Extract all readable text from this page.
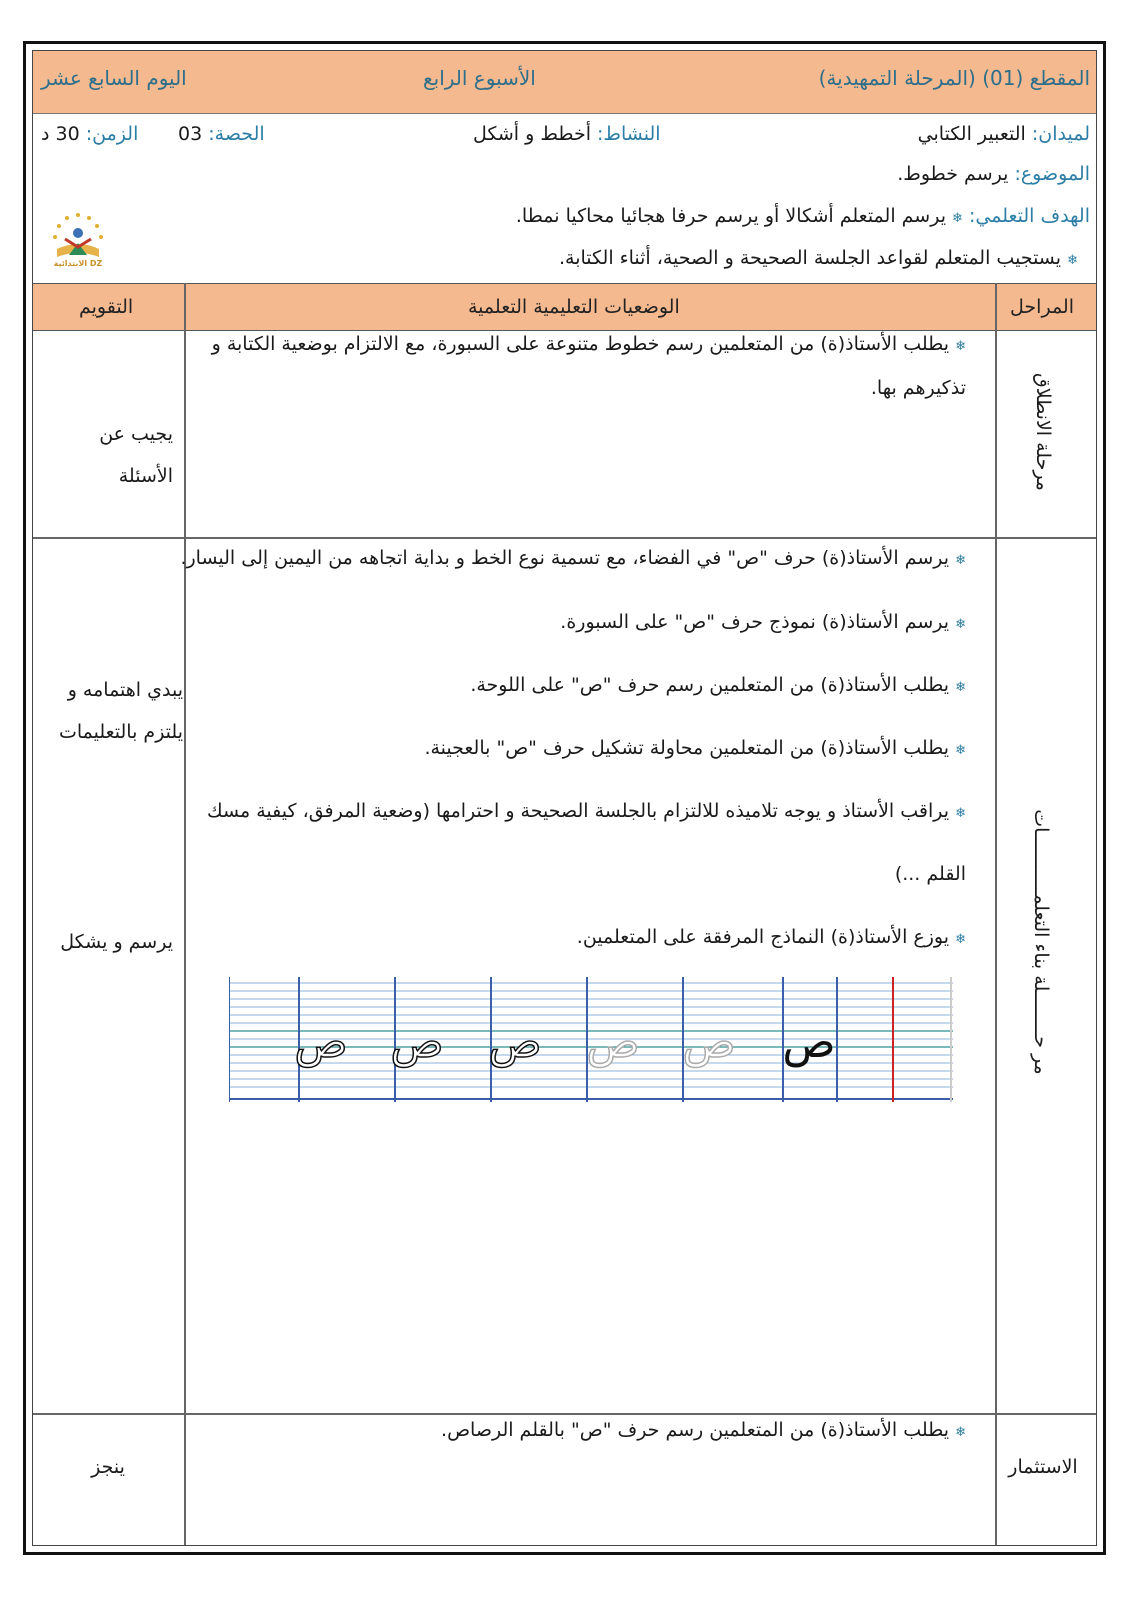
المقطع (01) (المرحلة التمهيدية)
الأسبوع الرابع
اليوم السابع عشر
لميدان: التعبير الكتابي
النشاط: أخطط و أشكل
الحصة: 03
الزمن: 30 د
الموضوع: يرسم خطوط.
الهدف التعلمي: ❄ يرسم المتعلم أشكالا أو يرسم حرفا هجائيا محاكيا نمطا.
❄ يستجيب المتعلم لقواعد الجلسة الصحيحة و الصحية، أثناء الكتابة.
الابتدائية DZ
المراحل
الوضعيات التعليمية التعلمية
التقويم
مرحلة الانطلاق
❄ يطلب الأستاذ(ة) من المتعلمين رسم خطوط متنوعة على السبورة، مع الالتزام بوضعية الكتابة و
تذكيرهم بها.
يجيب عن الأسئلة
مر حــــــــلة بناء التعلمـــــــــــات
❄ يرسم الأستاذ(ة) حرف "ص" في الفضاء، مع تسمية نوع الخط و بداية اتجاهه من اليمين إلى اليسار.
❄ يرسم الأستاذ(ة) نموذج حرف "ص" على السبورة.
❄ يطلب الأستاذ(ة) من المتعلمين رسم حرف "ص" على اللوحة.
❄ يطلب الأستاذ(ة) من المتعلمين محاولة تشكيل حرف "ص" بالعجينة.
❄ يراقب الأستاذ و يوجه تلاميذه للالتزام بالجلسة الصحيحة و احترامها (وضعية المرفق، كيفية مسك
القلم ...)
❄ يوزع الأستاذ(ة) النماذج المرفقة على المتعلمين.
يبدي اهتمامه و
يلتزم بالتعليمات
يرسم و يشكل
ص ص ص ص ص ص
الاستثمار
❄ يطلب الأستاذ(ة) من المتعلمين رسم حرف "ص" بالقلم الرصاص.
ينجز
